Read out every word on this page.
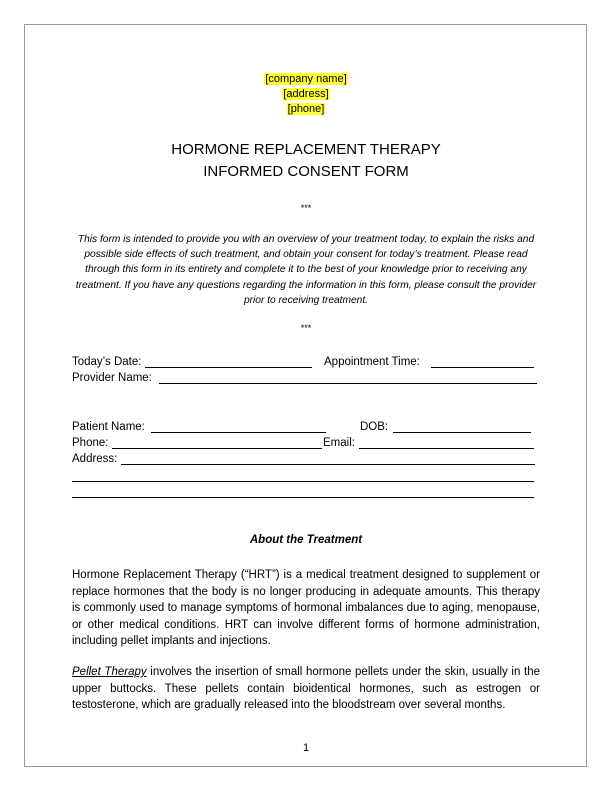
[company name]
[address]
[phone]
HORMONE REPLACEMENT THERAPY
INFORMED CONSENT FORM
***
This form is intended to provide you with an overview of your treatment today, to explain the risks and possible side effects of such treatment, and obtain your consent for today’s treatment. Please read through this form in its entirety and complete it to the best of your knowledge prior to receiving any treatment. If you have any questions regarding the information in this form, please consult the provider prior to receiving treatment.
***
Today’s Date:	Appointment Time:
Provider Name:
Patient Name:	DOB:
Phone:	Email:
Address:
About the Treatment
Hormone Replacement Therapy (“HRT”) is a medical treatment designed to supplement or replace hormones that the body is no longer producing in adequate amounts. This therapy is commonly used to manage symptoms of hormonal imbalances due to aging, menopause, or other medical conditions. HRT can involve different forms of hormone administration, including pellet implants and injections.
Pellet Therapy involves the insertion of small hormone pellets under the skin, usually in the upper buttocks. These pellets contain bioidentical hormones, such as estrogen or testosterone, which are gradually released into the bloodstream over several months.
1
